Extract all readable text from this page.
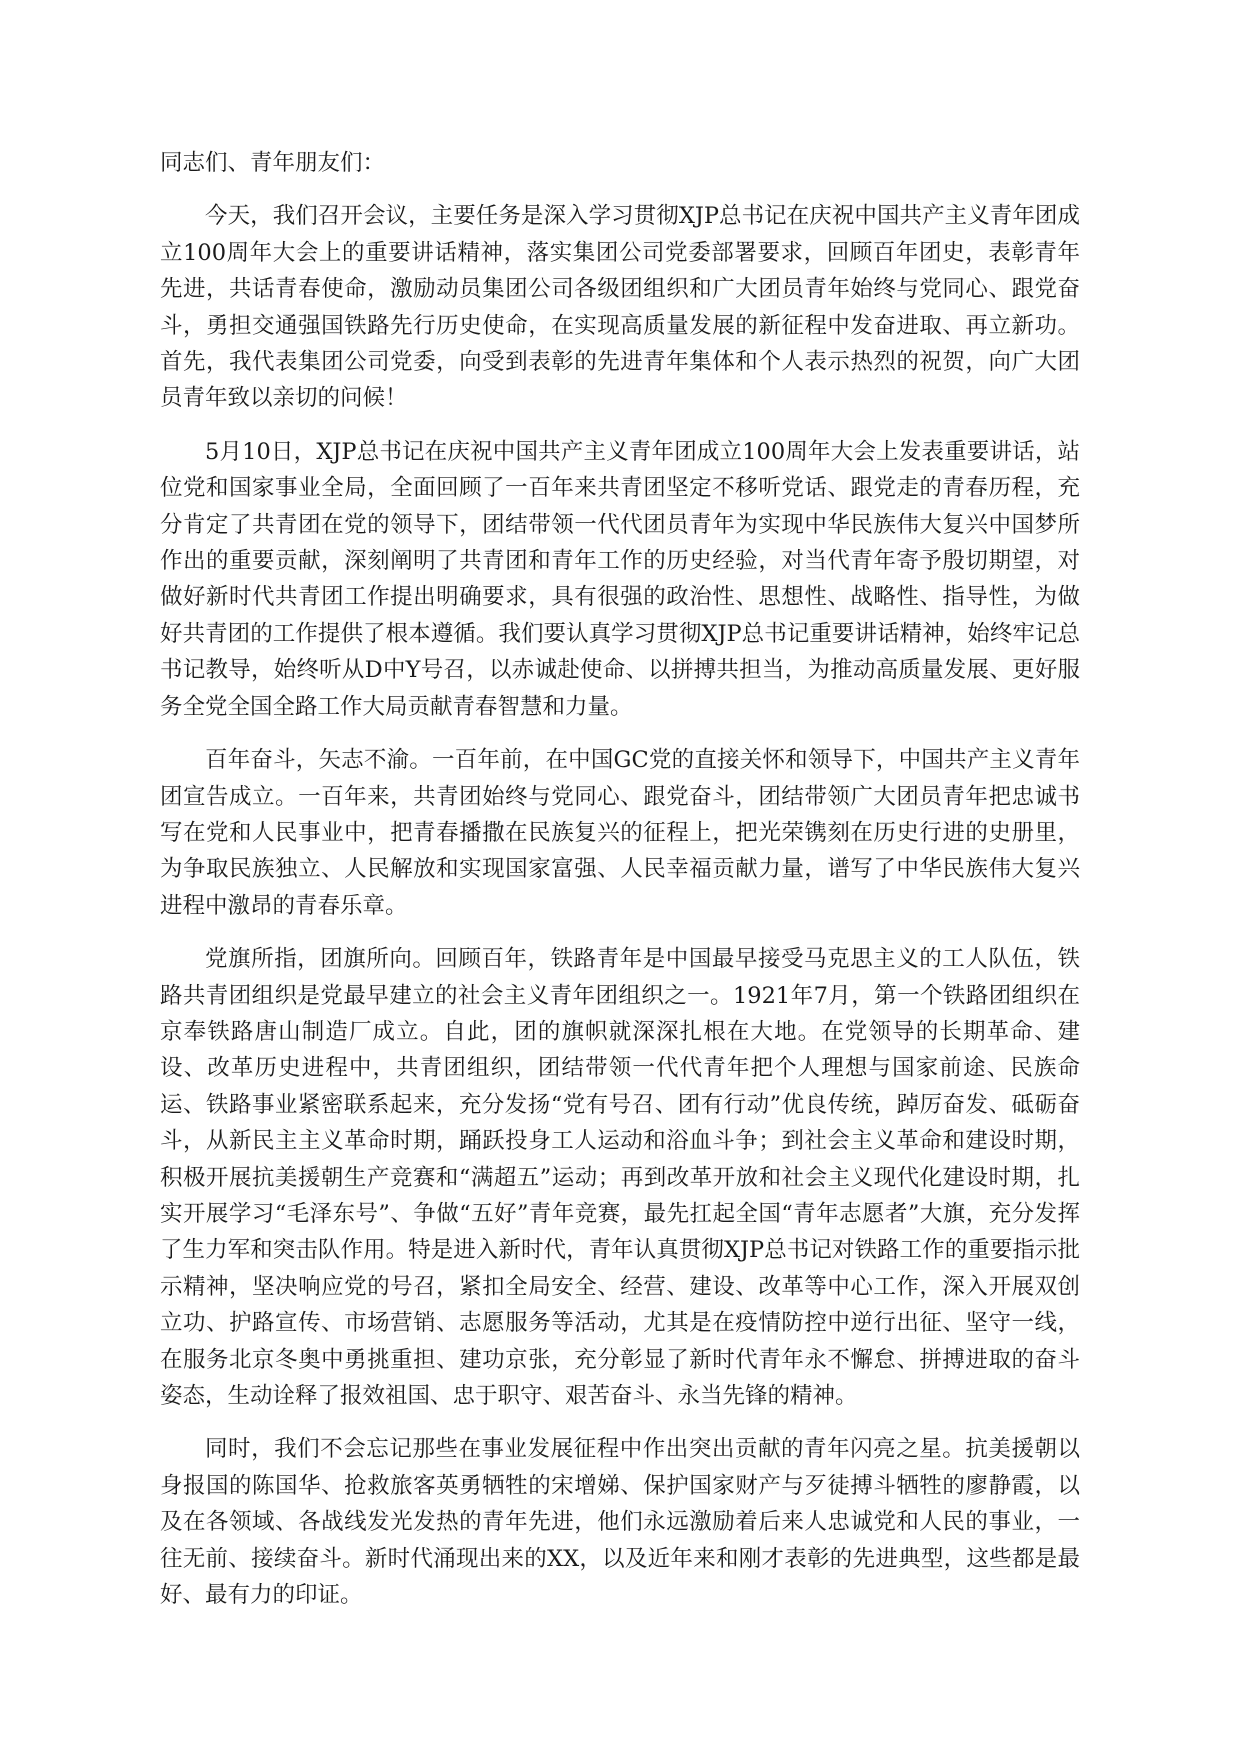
同志们、青年朋友们：

今天，我们召开会议，主要任务是深入学习贯彻XJP总书记在庆祝中国共产主义青年团成立100周年大会上的重要讲话精神，落实集团公司党委部署要求，回顾百年团史，表彰青年先进，共话青春使命，激励动员集团公司各级团组织和广大团员青年始终与党同心、跟党奋斗，勇担交通强国铁路先行历史使命，在实现高质量发展的新征程中发奋进取、再立新功。首先，我代表集团公司党委，向受到表彰的先进青年集体和个人表示热烈的祝贺，向广大团员青年致以亲切的问候！

5月10日，XJP总书记在庆祝中国共产主义青年团成立100周年大会上发表重要讲话，站位党和国家事业全局，全面回顾了一百年来共青团坚定不移听党话、跟党走的青春历程，充分肯定了共青团在党的领导下，团结带领一代代团员青年为实现中华民族伟大复兴中国梦所作出的重要贡献，深刻阐明了共青团和青年工作的历史经验，对当代青年寄予殷切期望，对做好新时代共青团工作提出明确要求，具有很强的政治性、思想性、战略性、指导性，为做好共青团的工作提供了根本遵循。我们要认真学习贯彻XJP总书记重要讲话精神，始终牢记总书记教导，始终听从D中Y号召，以赤诚赴使命、以拼搏共担当，为推动高质量发展、更好服务全党全国全路工作大局贡献青春智慧和力量。

百年奋斗，矢志不渝。一百年前，在中国GC党的直接关怀和领导下，中国共产主义青年团宣告成立。一百年来，共青团始终与党同心、跟党奋斗，团结带领广大团员青年把忠诚书写在党和人民事业中，把青春播撒在民族复兴的征程上，把光荣镌刻在历史行进的史册里，为争取民族独立、人民解放和实现国家富强、人民幸福贡献力量，谱写了中华民族伟大复兴进程中激昂的青春乐章。

党旗所指，团旗所向。回顾百年，铁路青年是中国最早接受马克思主义的工人队伍，铁路共青团组织是党最早建立的社会主义青年团组织之一。1921年7月，第一个铁路团组织在京奉铁路唐山制造厂成立。自此，团的旗帜就深深扎根在大地。在党领导的长期革命、建设、改革历史进程中，共青团组织，团结带领一代代青年把个人理想与国家前途、民族命运、铁路事业紧密联系起来，充分发扬“党有号召、团有行动”优良传统，踔厉奋发、砥砺奋斗，从新民主主义革命时期，踊跃投身工人运动和浴血斗争；到社会主义革命和建设时期，积极开展抗美援朝生产竞赛和“满超五”运动；再到改革开放和社会主义现代化建设时期，扎实开展学习“毛泽东号”、争做“五好”青年竞赛，最先扛起全国“青年志愿者”大旗，充分发挥了生力军和突击队作用。特是进入新时代，青年认真贯彻XJP总书记对铁路工作的重要指示批示精神，坚决响应党的号召，紧扣全局安全、经营、建设、改革等中心工作，深入开展双创立功、护路宣传、市场营销、志愿服务等活动，尤其是在疫情防控中逆行出征、坚守一线，在服务北京冬奥中勇挑重担、建功京张，充分彰显了新时代青年永不懈怠、拼搏进取的奋斗姿态，生动诠释了报效祖国、忠于职守、艰苦奋斗、永当先锋的精神。

同时，我们不会忘记那些在事业发展征程中作出突出贡献的青年闪亮之星。抗美援朝以身报国的陈国华、抢救旅客英勇牺牲的宋增娣、保护国家财产与歹徒搏斗牺牲的廖静霞，以及在各领域、各战线发光发热的青年先进，他们永远激励着后来人忠诚党和人民的事业，一往无前、接续奋斗。新时代涌现出来的XX，以及近年来和刚才表彰的先进典型，这些都是最好、最有力的印证。
